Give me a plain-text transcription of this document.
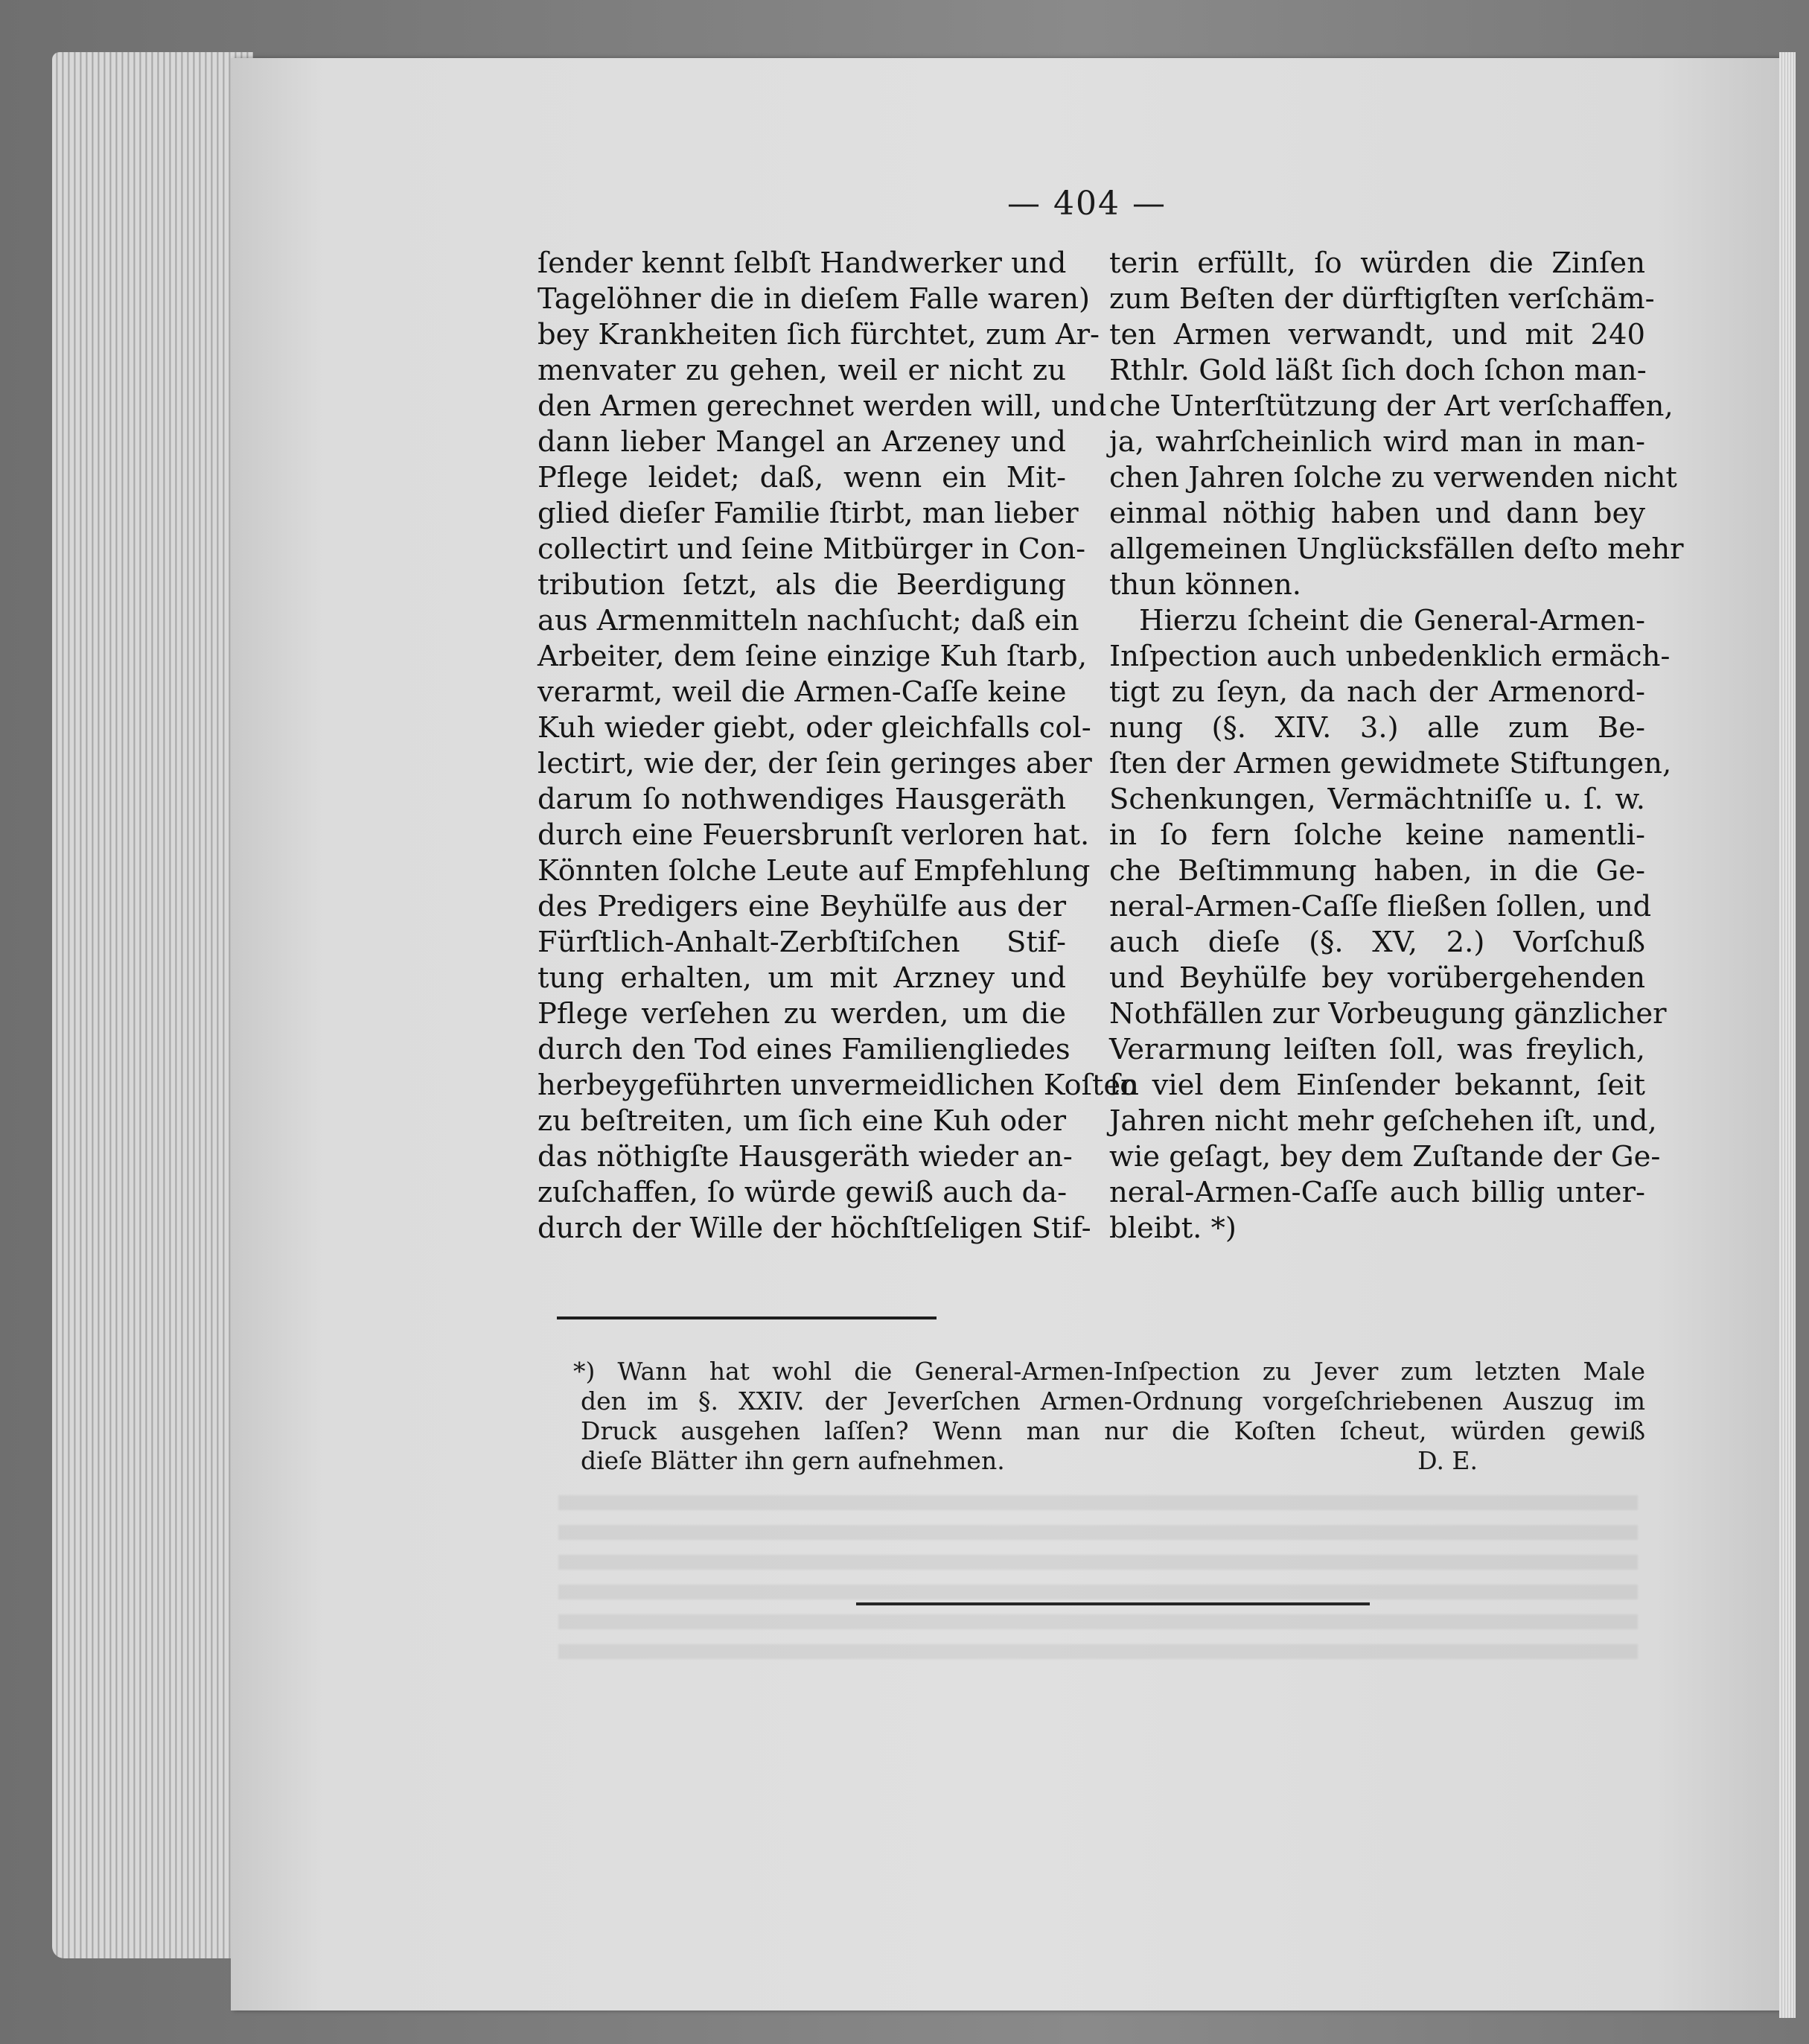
— 404 —
ſender kennt ſelbſt Handwerker und
Tagelöhner die in dieſem Falle waren)
bey Krankheiten ſich fürchtet, zum Ar-
menvater zu gehen, weil er nicht zu
den Armen gerechnet werden will, und
dann lieber Mangel an Arzeney und
Pflege leidet; daß, wenn ein Mit-
glied dieſer Familie ſtirbt, man lieber
collectirt und ſeine Mitbürger in Con-
tribution ſetzt, als die Beerdigung
aus Armenmitteln nachſucht; daß ein
Arbeiter, dem ſeine einzige Kuh ſtarb,
verarmt, weil die Armen-Caſſe keine
Kuh wieder giebt, oder gleichfalls col-
lectirt, wie der, der ſein geringes aber
darum ſo nothwendiges Hausgeräth
durch eine Feuersbrunſt verloren hat.
Könnten ſolche Leute auf Empfehlung
des Predigers eine Beyhülfe aus der
Fürſtlich-Anhalt-Zerbſtiſchen Stif-
tung erhalten, um mit Arzney und
Pflege verſehen zu werden, um die
durch den Tod eines Familiengliedes
herbeygeführten unvermeidlichen Koſten
zu beſtreiten, um ſich eine Kuh oder
das nöthigſte Hausgeräth wieder an-
zuſchaffen, ſo würde gewiß auch da-
durch der Wille der höchſtſeligen Stif-
terin erfüllt, ſo würden die Zinſen
zum Beſten der dürftigſten verſchäm-
ten Armen verwandt, und mit 240
Rthlr. Gold läßt ſich doch ſchon man-
che Unterſtützung der Art verſchaffen,
ja, wahrſcheinlich wird man in man-
chen Jahren ſolche zu verwenden nicht
einmal nöthig haben und dann bey
allgemeinen Unglücksfällen deſto mehr
thun können.
Hierzu ſcheint die General-Armen-
Inſpection auch unbedenklich ermäch-
tigt zu ſeyn, da nach der Armenord-
nung (§. XIV. 3.) alle zum Be-
ſten der Armen gewidmete Stiftungen,
Schenkungen, Vermächtniſſe u. ſ. w.
in ſo fern ſolche keine namentli-
che Beſtimmung haben, in die Ge-
neral-Armen-Caſſe fließen ſollen, und
auch dieſe (§. XV, 2.) Vorſchuß
und Beyhülfe bey vorübergehenden
Nothfällen zur Vorbeugung gänzlicher
Verarmung leiſten ſoll, was freylich,
ſo viel dem Einſender bekannt, ſeit
Jahren nicht mehr geſchehen iſt, und,
wie geſagt, bey dem Zuſtande der Ge-
neral-Armen-Caſſe auch billig unter-
bleibt. *)
*) Wann hat wohl die General-Armen-Inſpection zu Jever zum letzten Male
den im §. XXIV. der Jeverſchen Armen-Ordnung vorgeſchriebenen Auszug im
Druck ausgehen laſſen? Wenn man nur die Koſten ſcheut, würden gewiß
dieſe Blätter ihn gern aufnehmen.	D. E.
